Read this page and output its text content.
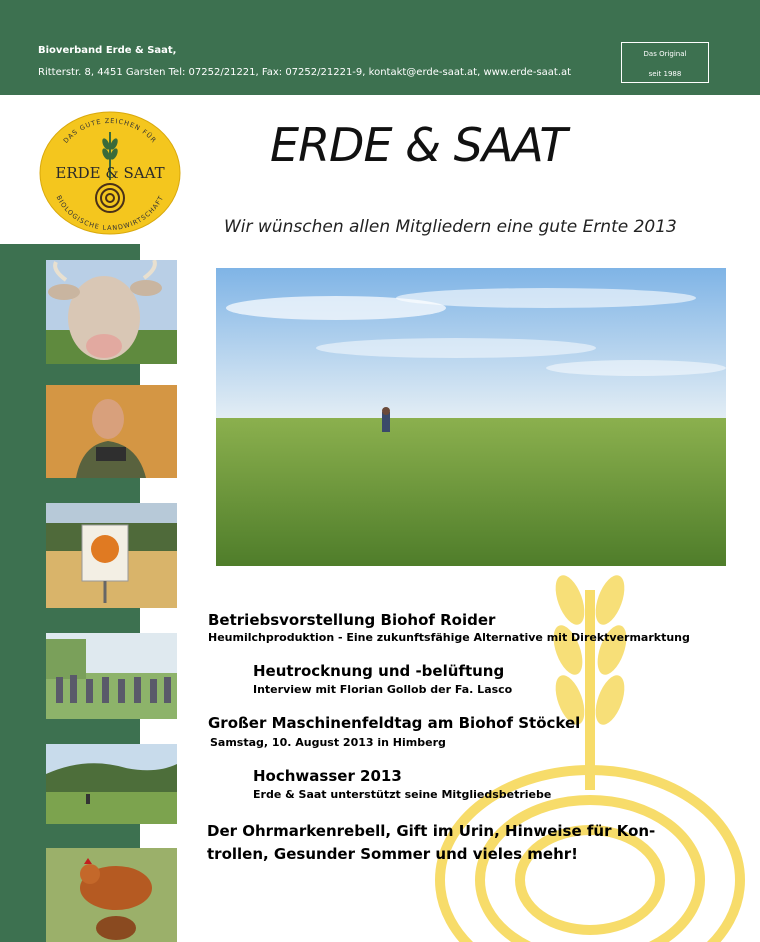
Bioverband Erde & Saat,
Ritterstr. 8, 4451 Garsten Tel: 07252/21221, Fax: 07252/21221-9, kontakt@erde-saat.at, www.erde-saat.at
Das Original
seit 1988
DAS GUTE ZEICHEN FÜR
BIOLOGISCHE LANDWIRTSCHAFT
ERDE & SAAT
ERDE & SAAT
Wir wünschen allen Mitgliedern eine gute Ernte 2013
Betriebsvorstellung Biohof Roider
Heumilchproduktion - Eine zukunftsfähige Alternative mit Direktvermarktung
Heutrocknung und -belüftung
Interview mit Florian Gollob der Fa. Lasco
Großer Maschinenfeldtag am Biohof Stöckel
Samstag, 10. August 2013 in Himberg
Hochwasser 2013
Erde & Saat unterstützt seine Mitgliedsbetriebe
Der Ohrmarkenrebell, Gift im Urin, Hinweise für Kon-
trollen, Gesunder Sommer und vieles mehr!
